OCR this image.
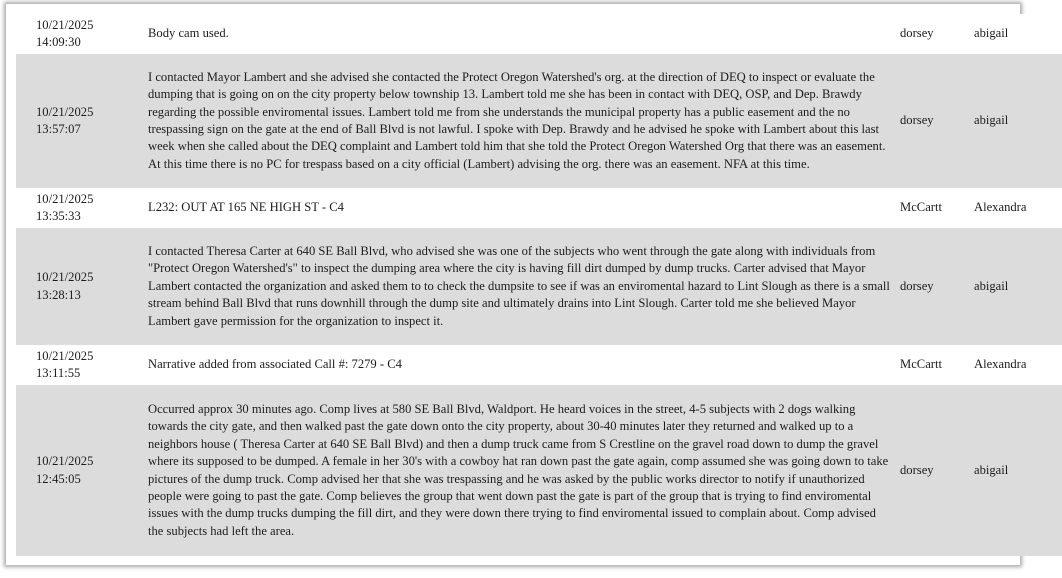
10/21/2025
14:09:30	Body cam used.	dorsey	abigail

10/21/2025
13:57:07	I contacted Mayor Lambert and she advised she contacted the Protect Oregon Watershed's org. at the direction of DEQ to inspect or evaluate the dumping that is going on on the city property below township 13. Lambert told me she has been in contact with DEQ, OSP, and Dep. Brawdy regarding the possible enviromental issues. Lambert told me from she understands the municipal property has a public easement and the no trespassing sign on the gate at the end of Ball Blvd is not lawful. I spoke with Dep. Brawdy and he advised he spoke with Lambert about this last week when she called about the DEQ complaint and Lambert told him that she told the Protect Oregon Watershed Org that there was an easement. At this time there is no PC for trespass based on a city official (Lambert) advising the org. there was an easement. NFA at this time.	dorsey	abigail

10/21/2025
13:35:33	L232: OUT AT 165 NE HIGH ST - C4	McCartt	Alexandra

10/21/2025
13:28:13	I contacted Theresa Carter at 640 SE Ball Blvd, who advised she was one of the subjects who went through the gate along with individuals from "Protect Oregon Watershed's" to inspect the dumping area where the city is having fill dirt dumped by dump trucks. Carter advised that Mayor Lambert contacted the organization and asked them to to check the dumpsite to see if was an enviromental hazard to Lint Slough as there is a small stream behind Ball Blvd that runs downhill through the dump site and ultimately drains into Lint Slough. Carter told me she believed Mayor Lambert gave permission for the organization to inspect it.	dorsey	abigail

10/21/2025
13:11:55	Narrative added from associated Call #: 7279 - C4	McCartt	Alexandra

10/21/2025
12:45:05	Occurred approx 30 minutes ago. Comp lives at 580 SE Ball Blvd, Waldport. He heard voices in the street, 4-5 subjects with 2 dogs walking towards the city gate, and then walked past the gate down onto the city property, about 30-40 minutes later they returned and walked up to a neighbors house ( Theresa Carter at 640 SE Ball Blvd) and then a dump truck came from S Crestline on the gravel road down to dump the gravel where its supposed to be dumped. A female in her 30's with a cowboy hat ran down past the gate again, comp assumed she was going down to take pictures of the dump truck. Comp advised her that she was trespassing and he was asked by the public works director to notify if unauthorized people were going to past the gate. Comp believes the group that went down past the gate is part of the group that is trying to find enviromental issues with the dump trucks dumping the fill dirt, and they were down there trying to find enviromental issued to complain about. Comp advised the subjects had left the area.	dorsey	abigail
